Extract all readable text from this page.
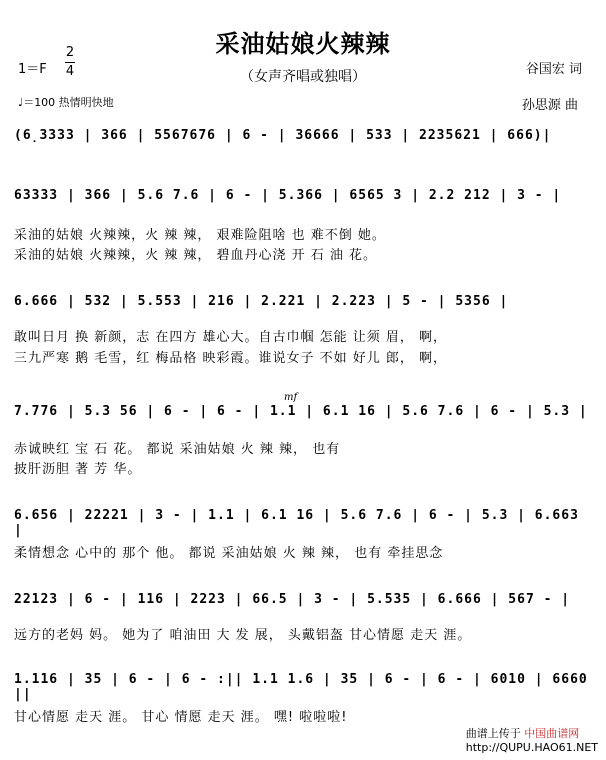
采油姑娘火辣辣
（女声齐唱或独唱）
1＝F
2
4
♩＝100 热情明快地
谷国宏 词
孙思源 曲
(6̣3333 | 366 | 5567676 | 6 - | 36666 | 533 | 2235621 | 666)|
63333 | 366 | 5.6 7.6 | 6 - | 5.366 | 6565 3 | 2.2 212 | 3 - |
采油的姑娘 火辣辣，火 辣 辣， 艰难险阻啥 也 难不倒 她。
采油的姑娘 火辣辣，火 辣 辣， 碧血丹心浇 开 石 油 花。
6.666 | 532 | 5.553 | 216 | 2.221 | 2.223 | 5 - | 5356 |
敢叫日月 换 新颜，志 在四方 雄心大。自古巾帼 怎能 让须 眉， 啊，
三九严寒 鹅 毛雪，红 梅品格 映彩霞。谁说女子 不如 好儿 郎， 啊，
mf
7.776 | 5.3 56 | 6 - | 6 - | 1.1 | 6.1 16 | 5.6 7.6 | 6 - | 5.3 |
赤诚映红 宝 石 花。 都说 采油姑娘 火 辣 辣， 也有
披肝沥胆 著 芳 华。
6.656 | 22221 | 3 - | 1.1 | 6.1 16 | 5.6 7.6 | 6 - | 5.3 | 6.663 |
柔情想念 心中的 那个 他。 都说 采油姑娘 火 辣 辣， 也有 牵挂思念
22123 | 6 - | 116 | 2223 | 66.5 | 3 - | 5.535 | 6.666 | 567 - |
远方的老妈 妈。 她为了 咱油田 大 发 展， 头戴铝盔 甘心情愿 走天 涯。
1.116 | 35 | 6 - | 6 - :|| 1.1 1.6 | 35 | 6 - | 6 - | 6010 | 6660 ||
甘心情愿 走天 涯。 甘心 情愿 走天 涯。 嘿! 啦啦啦!
曲谱上传于 中国曲谱网
http://QUPU.HAO61.NET
